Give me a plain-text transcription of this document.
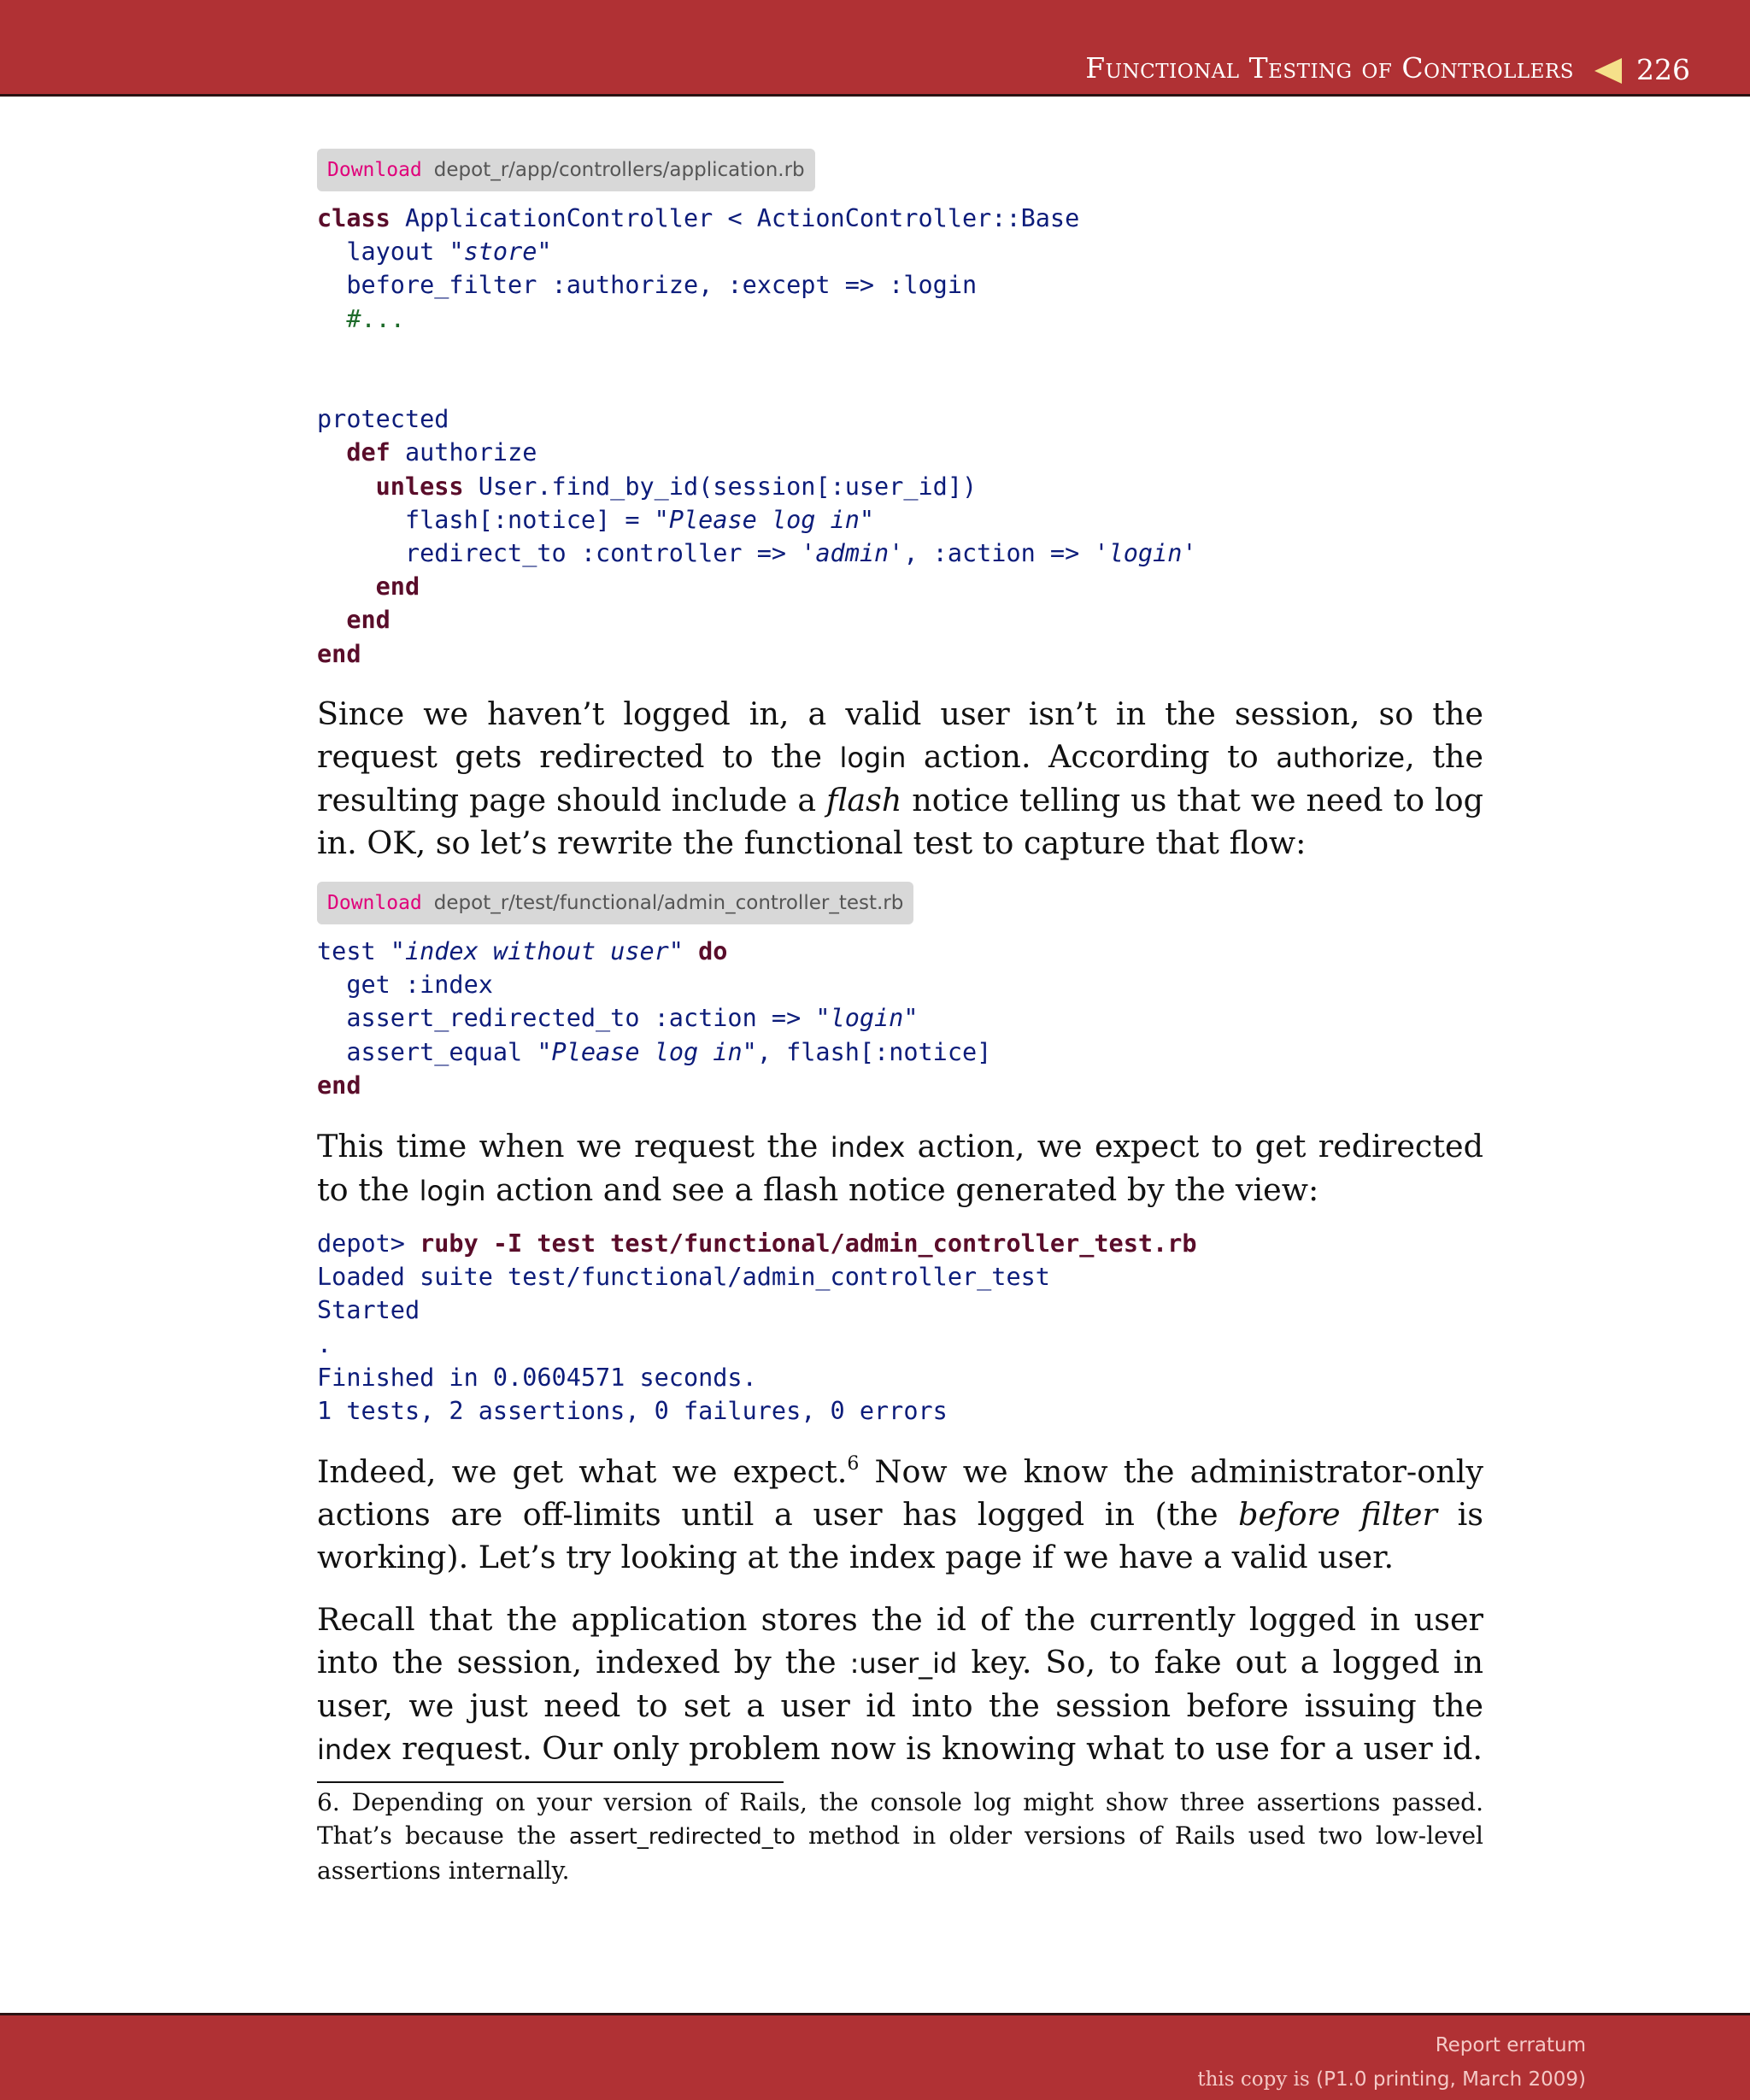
Functional Testing of Controllers 226
Download depot_r/app/controllers/application.rb
class ApplicationController < ActionController::Base
layout "store"
before_filter :authorize, :except => :login
#...

protected
def authorize
unless User.find_by_id(session[:user_id])
flash[:notice] = "Please log in"
redirect_to :controller => 'admin', :action => 'login'
end
end
end

Since we haven’t logged in, a valid user isn’t in the session, so the request gets redirected to the login action. According to authorize, the resulting page should include a flash notice telling us that we need to log in. OK, so let’s rewrite the functional test to capture that flow:

Download depot_r/test/functional/admin_controller_test.rb
test "index without user" do
get :index
assert_redirected_to :action => "login"
assert_equal "Please log in", flash[:notice]
end

This time when we request the index action, we expect to get redirected to the login action and see a flash notice generated by the view:

depot> ruby -I test test/functional/admin_controller_test.rb
Loaded suite test/functional/admin_controller_test
Started
.
Finished in 0.0604571 seconds.
1 tests, 2 assertions, 0 failures, 0 errors

Indeed, we get what we expect.$^6$ Now we know the administrator-only actions are off-limits until a user has logged in (the before filter is working). Let’s try looking at the index page if we have a valid user.

Recall that the application stores the id of the currently logged in user into the session, indexed by the :user_id key. So, to fake out a logged in user, we just need to set a user id into the session before issuing the index request. Our only problem now is knowing what to use for a user id.

6. Depending on your version of Rails, the console log might show three assertions passed. That’s because the assert_redirected_to method in older versions of Rails used two low-level assertions internally.

Report erratum
this copy is (P1.0 printing, March 2009)
